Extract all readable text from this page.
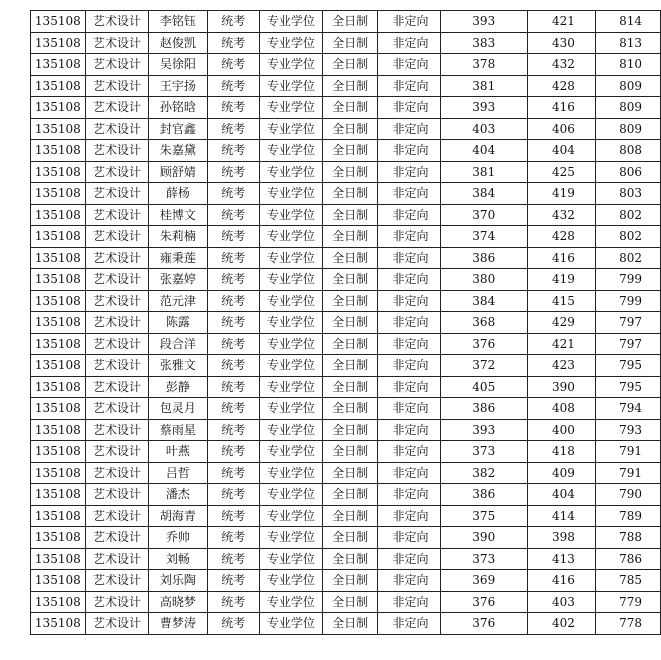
135108	艺术设计	李铭钰	统考	专业学位	全日制	非定向	393	421	814
135108	艺术设计	赵俊凯	统考	专业学位	全日制	非定向	383	430	813
135108	艺术设计	吴徐阳	统考	专业学位	全日制	非定向	378	432	810
135108	艺术设计	王宇扬	统考	专业学位	全日制	非定向	381	428	809
135108	艺术设计	孙铭晗	统考	专业学位	全日制	非定向	393	416	809
135108	艺术设计	封官鑫	统考	专业学位	全日制	非定向	403	406	809
135108	艺术设计	朱嘉黛	统考	专业学位	全日制	非定向	404	404	808
135108	艺术设计	顾舒婧	统考	专业学位	全日制	非定向	381	425	806
135108	艺术设计	薛杨	统考	专业学位	全日制	非定向	384	419	803
135108	艺术设计	桂博文	统考	专业学位	全日制	非定向	370	432	802
135108	艺术设计	朱莉楠	统考	专业学位	全日制	非定向	374	428	802
135108	艺术设计	雍秉莲	统考	专业学位	全日制	非定向	386	416	802
135108	艺术设计	张嘉婷	统考	专业学位	全日制	非定向	380	419	799
135108	艺术设计	范元津	统考	专业学位	全日制	非定向	384	415	799
135108	艺术设计	陈露	统考	专业学位	全日制	非定向	368	429	797
135108	艺术设计	段合洋	统考	专业学位	全日制	非定向	376	421	797
135108	艺术设计	张雅文	统考	专业学位	全日制	非定向	372	423	795
135108	艺术设计	彭静	统考	专业学位	全日制	非定向	405	390	795
135108	艺术设计	包灵月	统考	专业学位	全日制	非定向	386	408	794
135108	艺术设计	蔡雨星	统考	专业学位	全日制	非定向	393	400	793
135108	艺术设计	叶燕	统考	专业学位	全日制	非定向	373	418	791
135108	艺术设计	吕哲	统考	专业学位	全日制	非定向	382	409	791
135108	艺术设计	潘杰	统考	专业学位	全日制	非定向	386	404	790
135108	艺术设计	胡海青	统考	专业学位	全日制	非定向	375	414	789
135108	艺术设计	乔帅	统考	专业学位	全日制	非定向	390	398	788
135108	艺术设计	刘畅	统考	专业学位	全日制	非定向	373	413	786
135108	艺术设计	刘乐陶	统考	专业学位	全日制	非定向	369	416	785
135108	艺术设计	高晓梦	统考	专业学位	全日制	非定向	376	403	779
135108	艺术设计	曹梦涛	统考	专业学位	全日制	非定向	376	402	778
